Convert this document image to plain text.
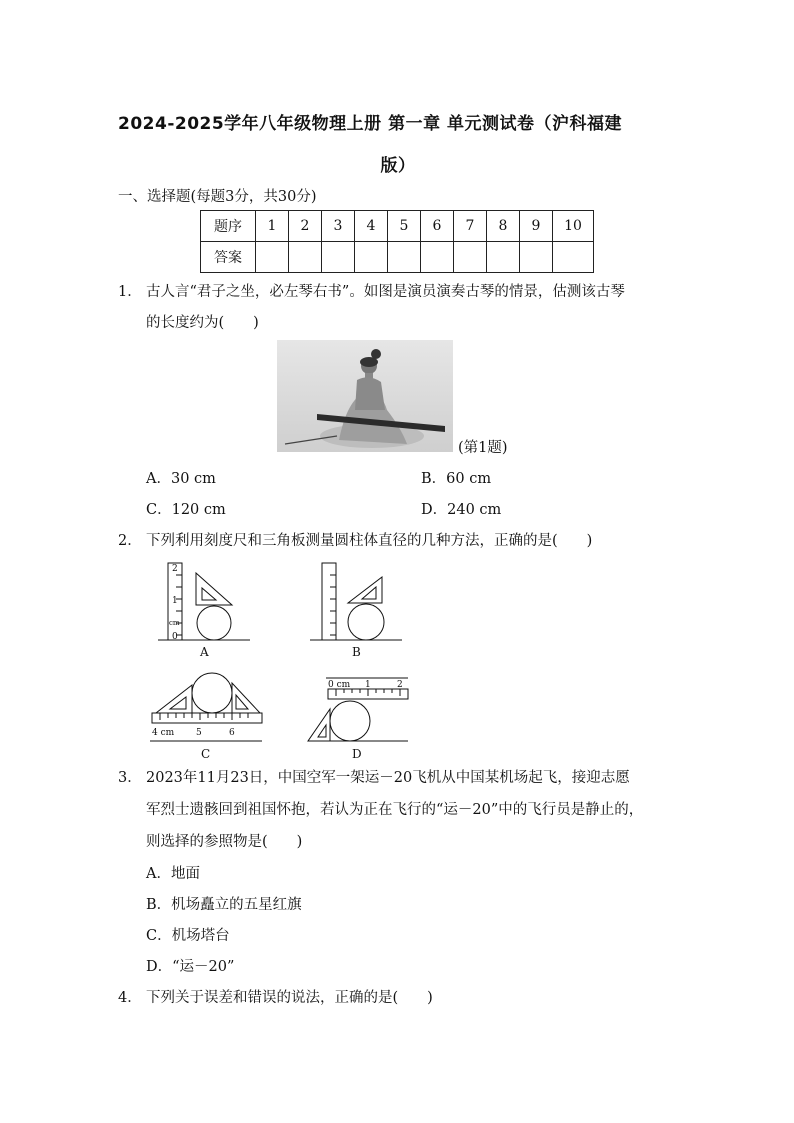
2024-2025学年八年级物理上册 第一章 单元测试卷（沪科福建
版）
一、选择题(每题3分，共30分)
题序	1	2	3	4	5	6	7	8	9	10
答案										
1． 古人言“君子之坐，必左琴右书”。如图是演员演奏古琴的情景，估测该古琴
的长度约为(　　)
(第1题)
A．30 cm	B．60 cm
C．120 cm	D．240 cm
2． 下列利用刻度尺和三角板测量圆柱体直径的几种方法，正确的是(　　)
0
1
2
cm
4 cm 5	6
0 cm 1	2
A	B
C	D
3． 2023年11月23日，中国空军一架运－20飞机从中国某机场起飞，接迎志愿
军烈士遗骸回到祖国怀抱，若认为正在飞行的“运－20”中的飞行员是静止的，
则选择的参照物是(　　)
A．地面
B．机场矗立的五星红旗
C．机场塔台
D．“运－20”
4． 下列关于误差和错误的说法，正确的是(　　)
